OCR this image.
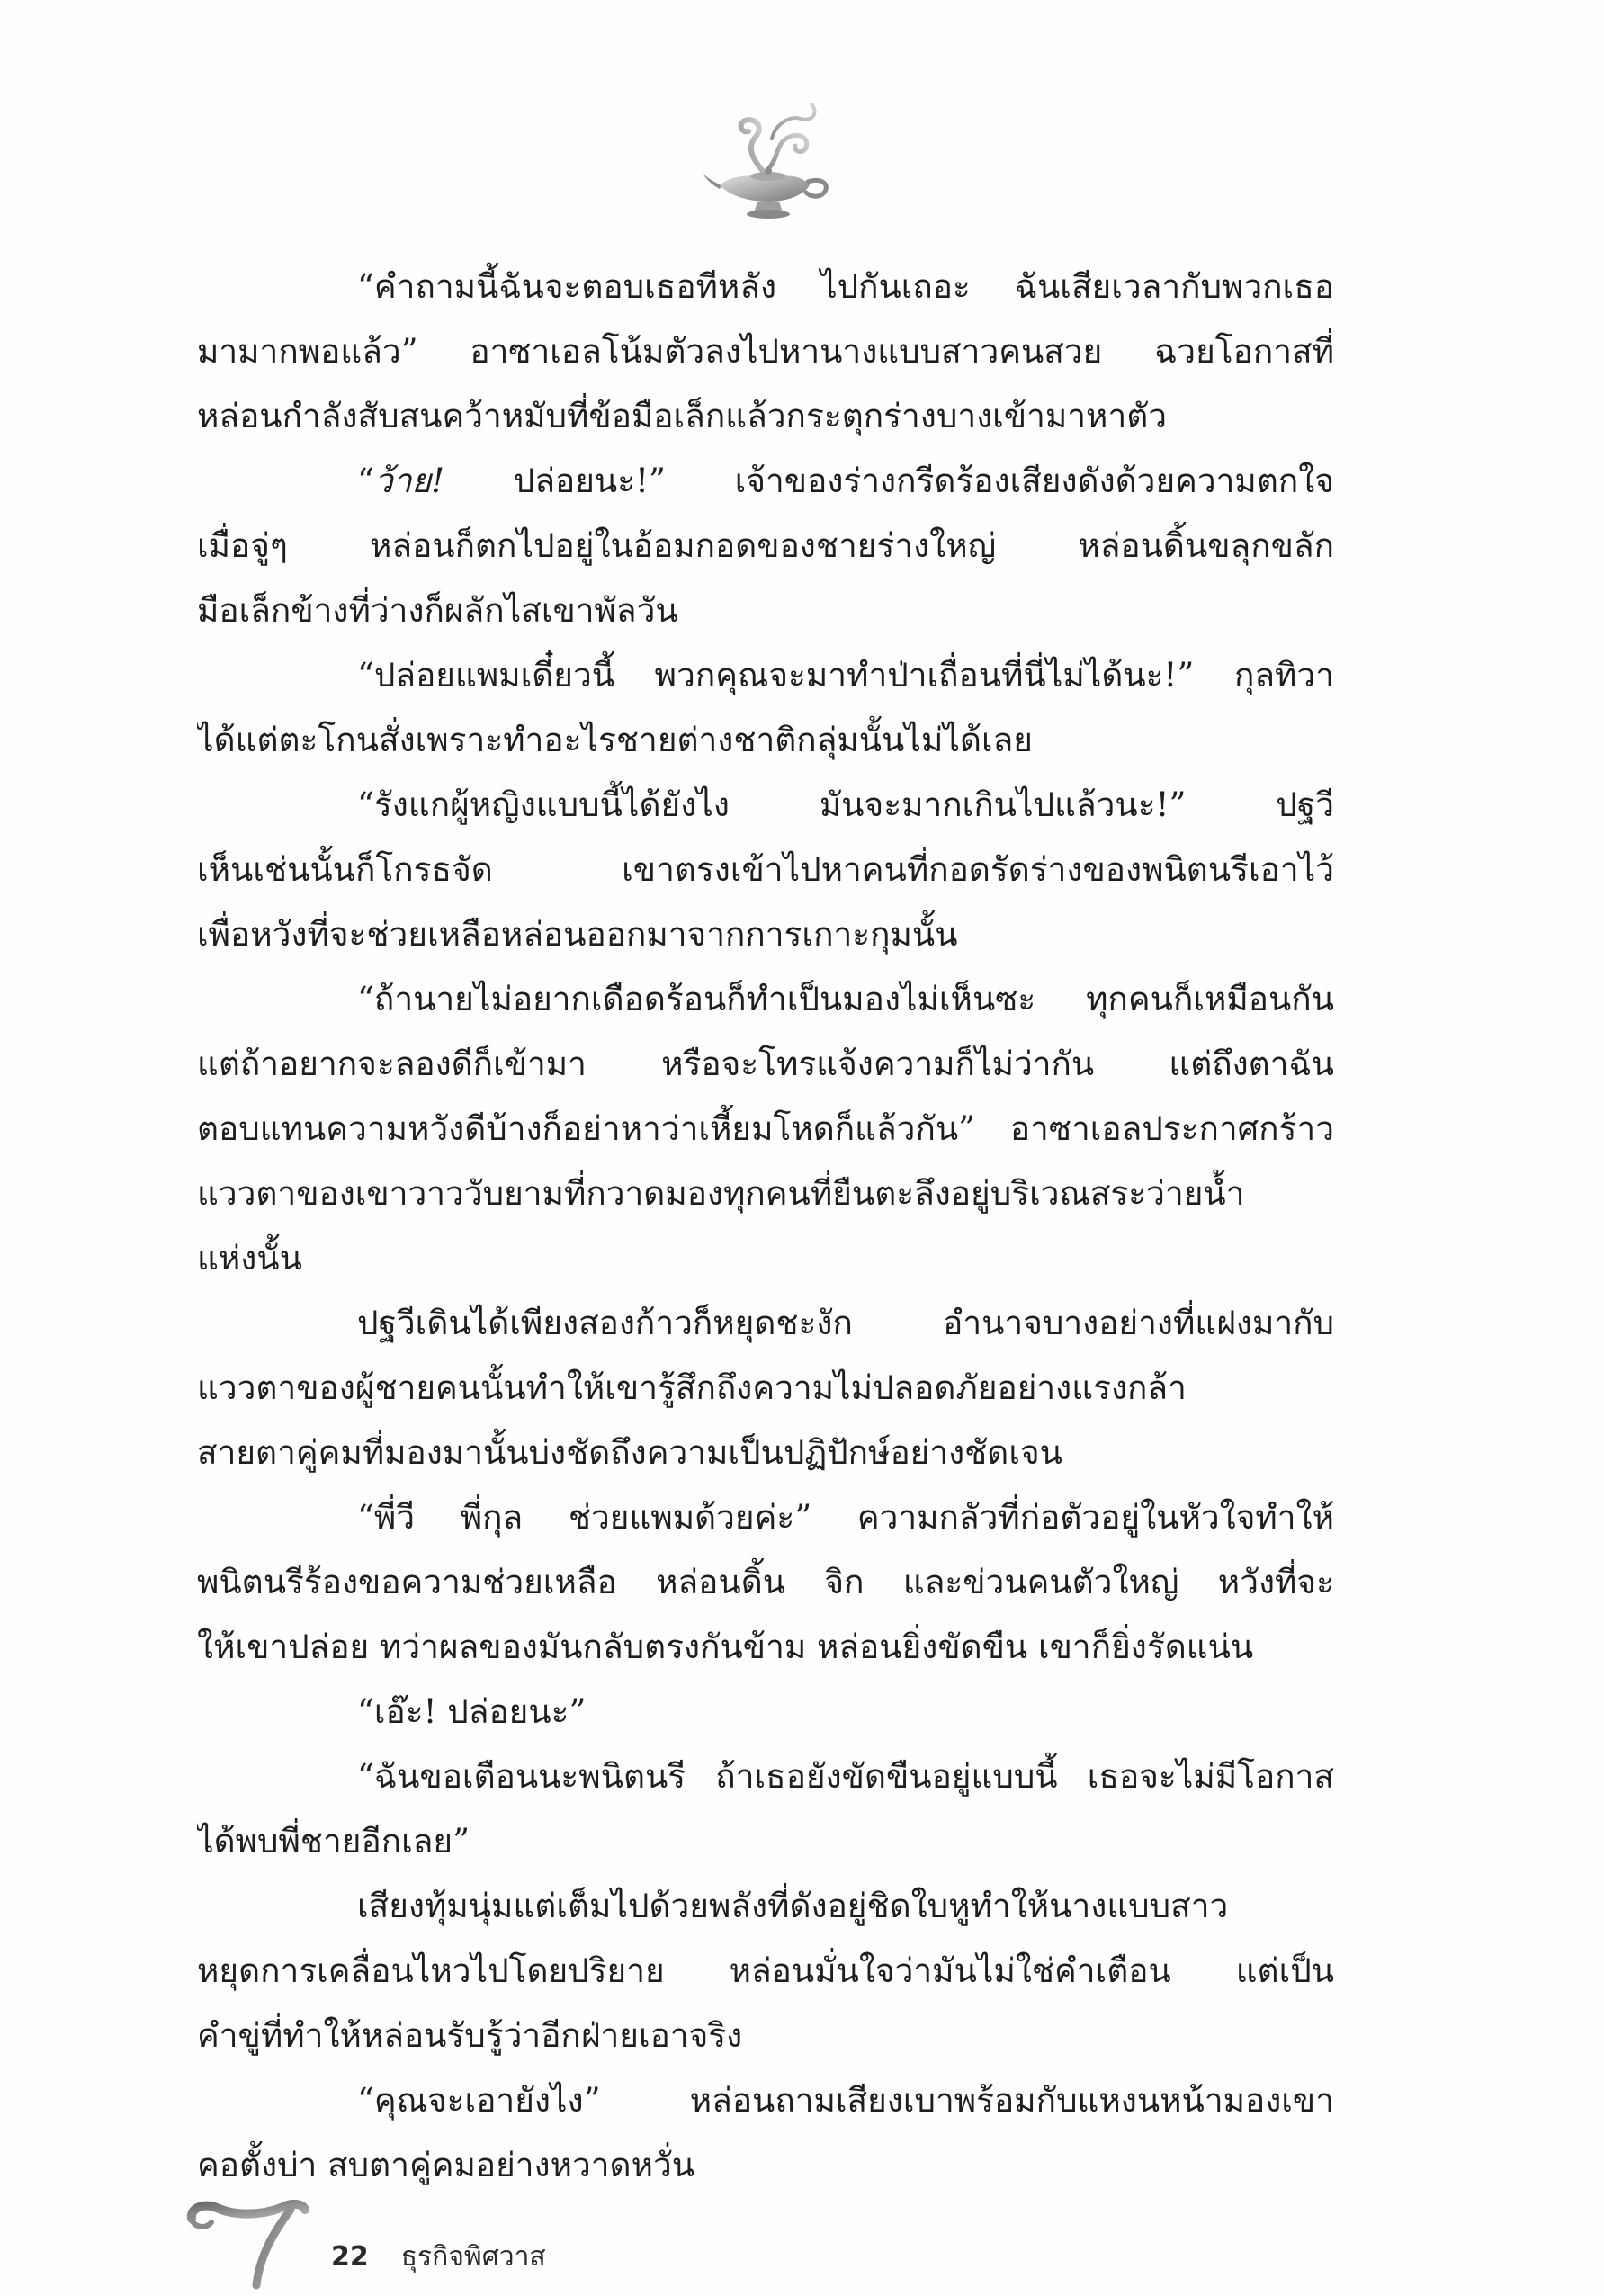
“คำถามนี้ฉันจะตอบเธอทีหลัง ไปกันเถอะ ฉันเสียเวลากับพวกเธอ
มามากพอแล้ว” อาซาเอลโน้มตัวลงไปหานางแบบสาวคนสวย ฉวยโอกาสที่
หล่อนกำลังสับสนคว้าหมับที่ข้อมือเล็กแล้วกระตุกร่างบางเข้ามาหาตัว
“ว้าย! ปล่อยนะ!” เจ้าของร่างกรีดร้องเสียงดังด้วยความตกใจ
เมื่อจู่ๆ หล่อนก็ตกไปอยู่ในอ้อมกอดของชายร่างใหญ่ หล่อนดิ้นขลุกขลัก
มือเล็กข้างที่ว่างก็ผลักไสเขาพัลวัน
“ปล่อยแพมเดี๋ยวนี้ พวกคุณจะมาทำป่าเถื่อนที่นี่ไม่ได้นะ!” กุลทิวา
ได้แต่ตะโกนสั่งเพราะทำอะไรชายต่างชาติกลุ่มนั้นไม่ได้เลย
“รังแกผู้หญิงแบบนี้ได้ยังไง มันจะมากเกินไปแล้วนะ!” ปฐวี
เห็นเช่นนั้นก็โกรธจัด เขาตรงเข้าไปหาคนที่กอดรัดร่างของพนิตนรีเอาไว้
เพื่อหวังที่จะช่วยเหลือหล่อนออกมาจากการเกาะกุมนั้น
“ถ้านายไม่อยากเดือดร้อนก็ทำเป็นมองไม่เห็นซะ ทุกคนก็เหมือนกัน
แต่ถ้าอยากจะลองดีก็เข้ามา หรือจะโทรแจ้งความก็ไม่ว่ากัน แต่ถึงตาฉัน
ตอบแทนความหวังดีบ้างก็อย่าหาว่าเหี้ยมโหดก็แล้วกัน” อาซาเอลประกาศกร้าว
แววตาของเขาวาววับยามที่กวาดมองทุกคนที่ยืนตะลึงอยู่บริเวณสระว่ายน้ำ
แห่งนั้น
ปฐวีเดินได้เพียงสองก้าวก็หยุดชะงัก อำนาจบางอย่างที่แฝงมากับ
แววตาของผู้ชายคนนั้นทำให้เขารู้สึกถึงความไม่ปลอดภัยอย่างแรงกล้า
สายตาคู่คมที่มองมานั้นบ่งชัดถึงความเป็นปฏิปักษ์อย่างชัดเจน
“พี่วี พี่กุล ช่วยแพมด้วยค่ะ” ความกลัวที่ก่อตัวอยู่ในหัวใจทำให้
พนิตนรีร้องขอความช่วยเหลือ หล่อนดิ้น จิก และข่วนคนตัวใหญ่ หวังที่จะ
ให้เขาปล่อย ทว่าผลของมันกลับตรงกันข้าม หล่อนยิ่งขัดขืน เขาก็ยิ่งรัดแน่น
“เอ๊ะ! ปล่อยนะ”
“ฉันขอเตือนนะพนิตนรี ถ้าเธอยังขัดขืนอยู่แบบนี้ เธอจะไม่มีโอกาส
ได้พบพี่ชายอีกเลย”
เสียงทุ้มนุ่มแต่เต็มไปด้วยพลังที่ดังอยู่ชิดใบหูทำให้นางแบบสาว
หยุดการเคลื่อนไหวไปโดยปริยาย หล่อนมั่นใจว่ามันไม่ใช่คำเตือน แต่เป็น
คำขู่ที่ทำให้หล่อนรับรู้ว่าอีกฝ่ายเอาจริง
“คุณจะเอายังไง” หล่อนถามเสียงเบาพร้อมกับแหงนหน้ามองเขา
คอตั้งบ่า สบตาคู่คมอย่างหวาดหวั่น
22 ธุรกิจพิศวาส
